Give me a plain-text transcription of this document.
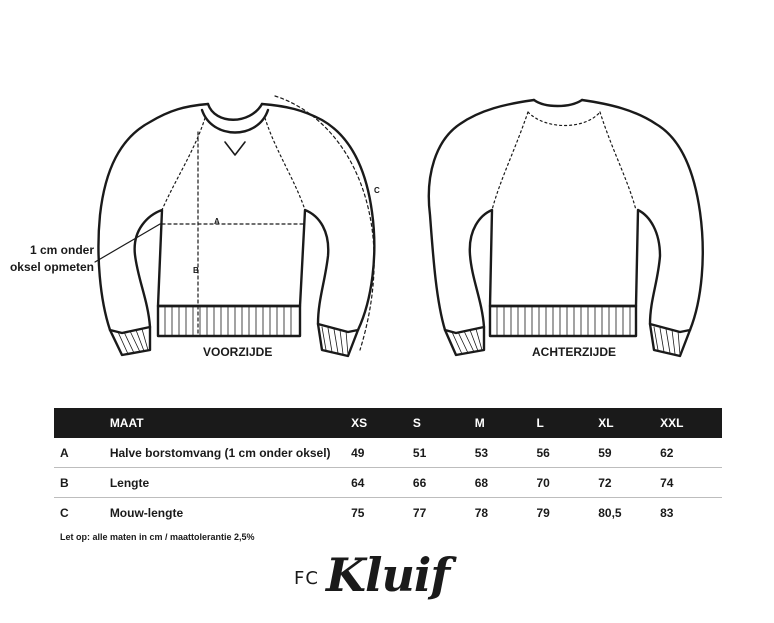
VOORZIJDE	ACHTERZIJDE
A
B
C
1 cm onder
oksel opmeten
	MAAT	XS	S	M	L	XL	XXL
A	Halve borstomvang (1 cm onder oksel)	49	51	53	56	59	62
B	Lengte	64	66	68	70	72	74
C	Mouw-lengte	75	77	78	79	80,5	83
Let op: alle maten in cm / maattolerantie 2,5%
FC Kluif
